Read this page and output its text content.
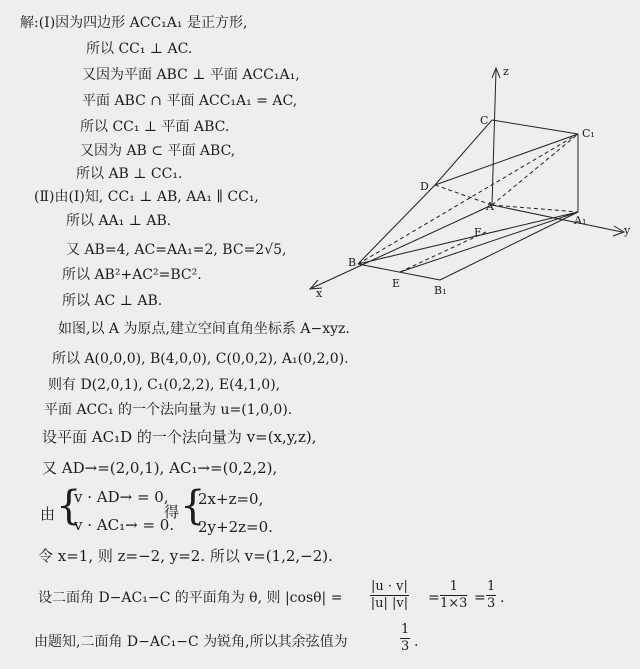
解:(Ⅰ)因为四边形 ACC₁A₁ 是正方形,
所以 CC₁ ⊥ AC.
又因为平面 ABC ⊥ 平面 ACC₁A₁,
平面 ABC ∩ 平面 ACC₁A₁ = AC,
所以 CC₁ ⊥ 平面 ABC.
又因为 AB ⊂ 平面 ABC,
所以 AB ⊥ CC₁.
(Ⅱ)由(Ⅰ)知, CC₁ ⊥ AB, AA₁ ∥ CC₁,
所以 AA₁ ⊥ AB.
又 AB=4, AC=AA₁=2, BC=2√5,
所以 AB²+AC²=BC².
所以 AC ⊥ AB.
如图,以 A 为原点,建立空间直角坐标系 A−xyz.
所以 A(0,0,0), B(4,0,0), C(0,0,2), A₁(0,2,0).
则有 D(2,0,1), C₁(0,2,2), E(4,1,0),
平面 ACC₁ 的一个法向量为 u=(1,0,0).
设平面 AC₁D 的一个法向量为 v=(x,y,z),
又 AD→=(2,0,1), AC₁→=(0,2,2),
由 {
v · AD→ = 0,
v · AC₁→ = 0.
得 {
2x+z=0,
2y+2z=0.
令 x=1, 则 z=−2, y=2. 所以 v=(1,2,−2).
设二面角 D−AC₁−C 的平面角为 θ, 则 $|\cos\theta| = \frac{|u \cdot v|}{|u| |v|} = \frac{1}{1\times 3} = \frac{1}{3}$ .
由题知,二面角 D−AC₁−C 为锐角,所以其余弦值为	$\frac{1}{3}$ .
z
y
x
C
C₁
D
A
A₁
F
B
E
B₁
